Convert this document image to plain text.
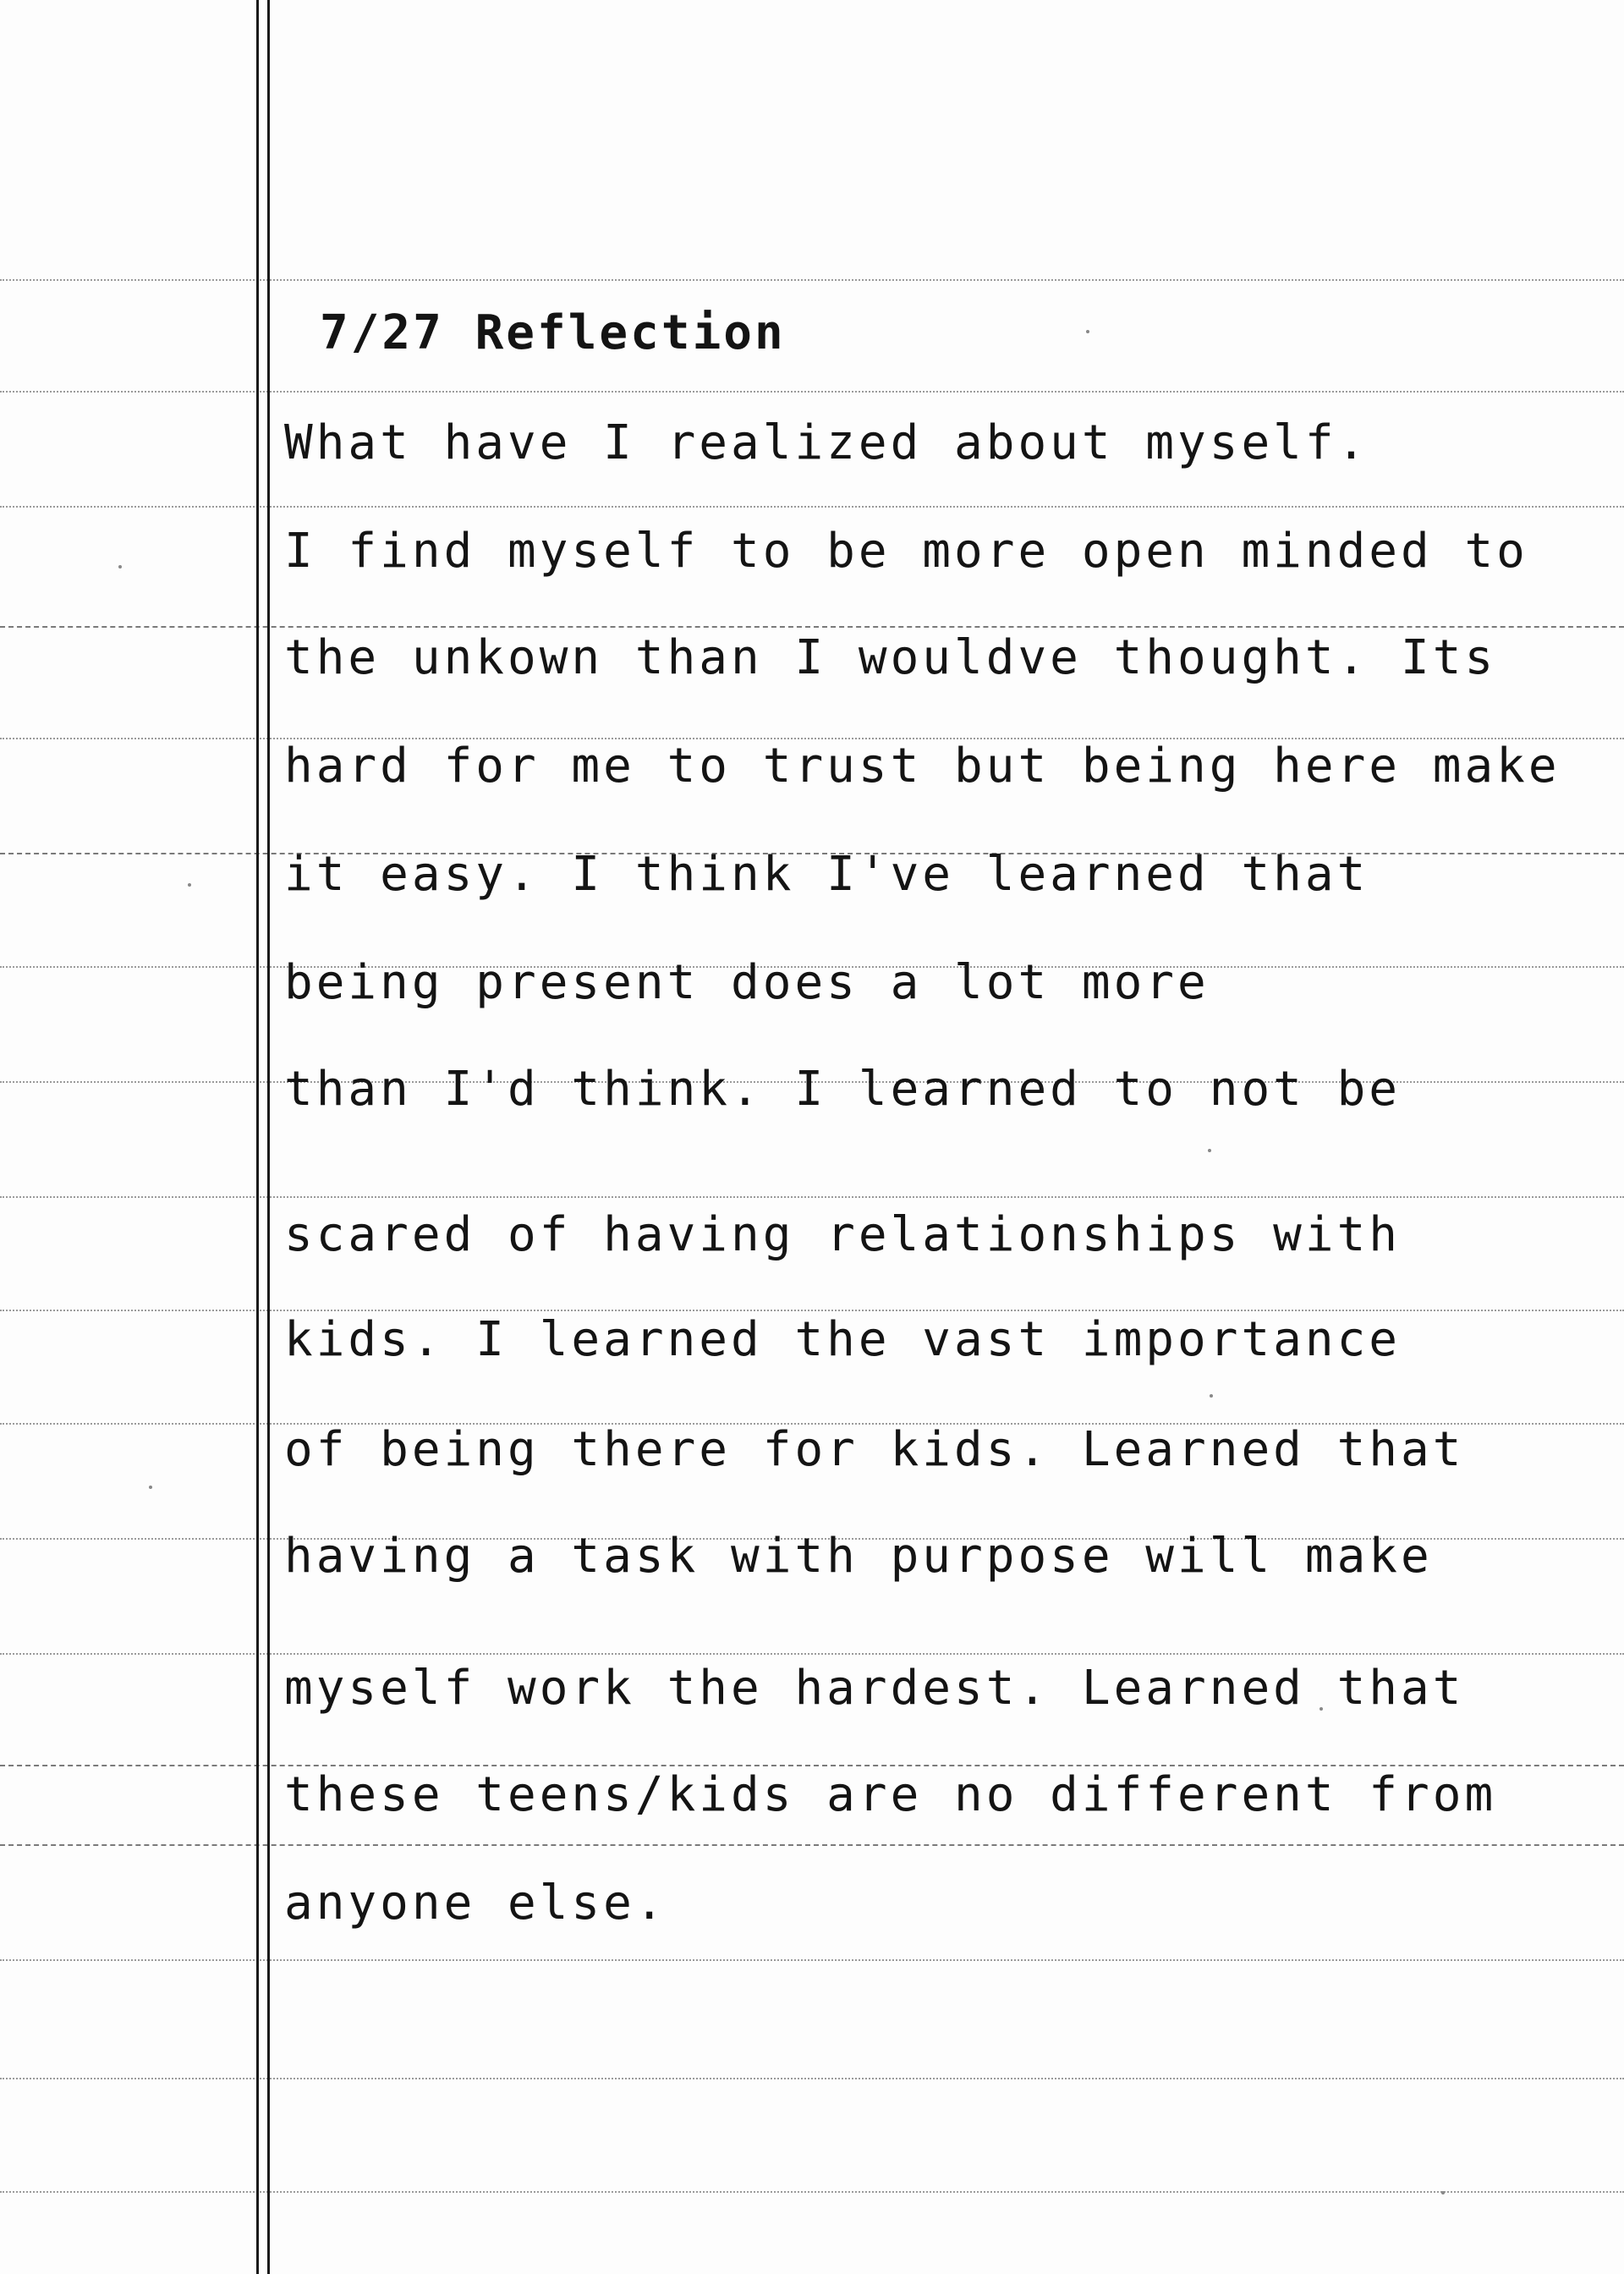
7/27 Reflection
What have I realized about myself.
I find myself to be more open minded to
the unkown than I wouldve thought. Its
hard for me to trust but being here make
it easy. I think I've learned that
being present does a lot more
than I'd think. I learned to not be
scared of having relationships with
kids. I learned the vast importance
of being there for kids. Learned that
having a task with purpose will make
myself work the hardest. Learned that
these teens/kids are no different from
anyone else.
